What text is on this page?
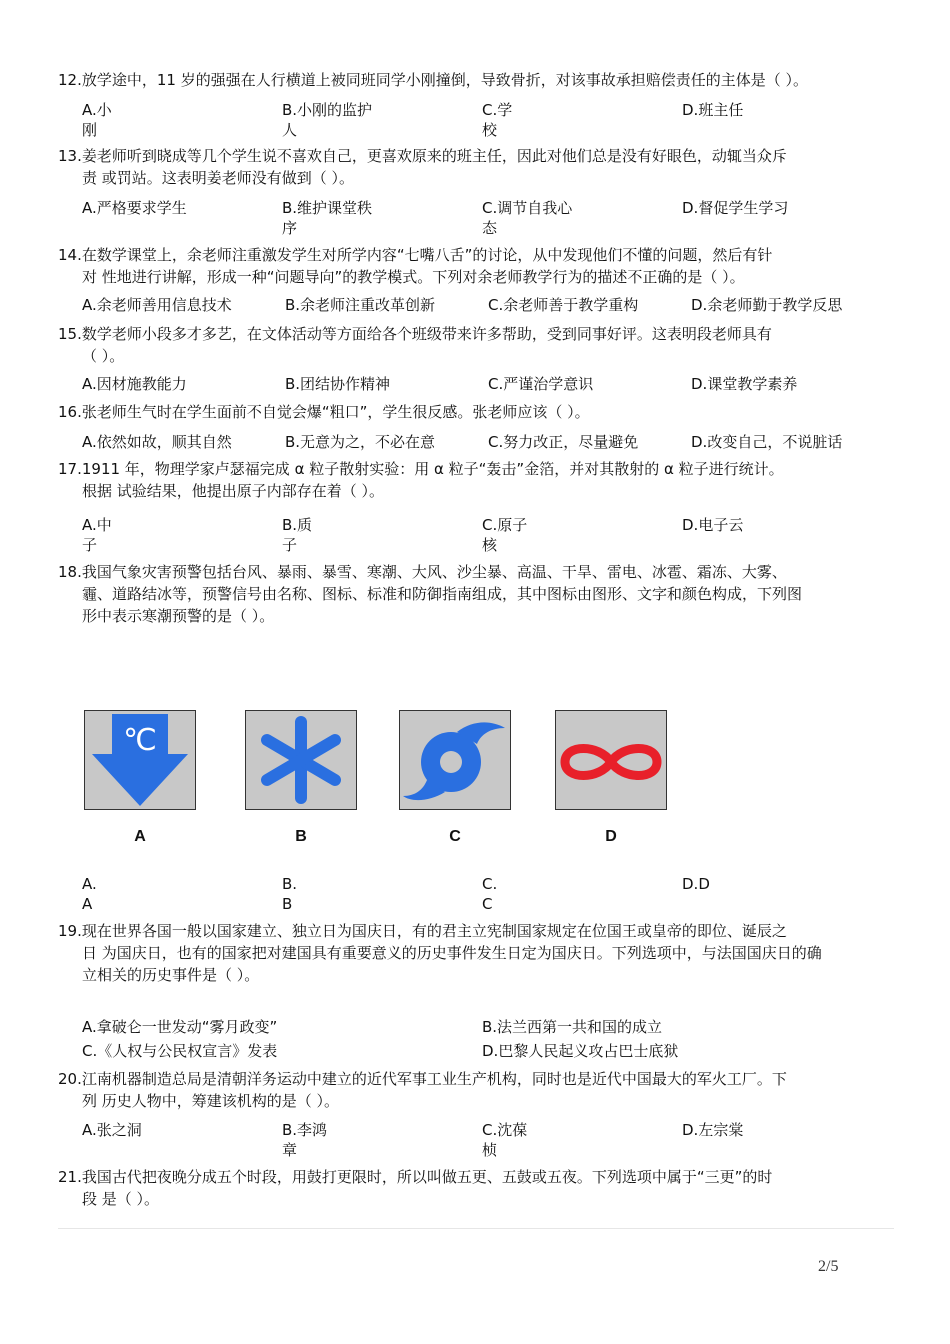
12.放学途中，11 岁的强强在人行横道上被同班同学小刚撞倒，导致骨折，对该事故承担赔偿责任的主体是（ ）。
A.小刚
B.小刚的监护人
C.学校
D.班主任
13.姜老师听到晓成等几个学生说不喜欢自己，更喜欢原来的班主任，因此对他们总是没有好眼色，动辄当众斥
责 或罚站。这表明姜老师没有做到（ ）。
A.严格要求学生	B.维护课堂秩序
C.调节自我心态
D.督促学生学习
14.在数学课堂上，余老师注重激发学生对所学内容“七嘴八舌”的讨论，从中发现他们不懂的问题，然后有针
对 性地进行讲解，形成一种“问题导向”的教学模式。下列对余老师教学行为的描述不正确的是（ ）。
A.余老师善用信息技术	B.余老师注重改革创新	C.余老师善于教学重构	D.余老师勤于教学反思
15.数学老师小段多才多艺，在文体活动等方面给各个班级带来许多帮助，受到同事好评。这表明段老师具有
（ ）。
A.因材施教能力	B.团结协作精神	C.严谨治学意识	D.课堂教学素养
16.张老师生气时在学生面前不自觉会爆“粗口”，学生很反感。张老师应该（ ）。
A.依然如故，顺其自然	B.无意为之，不必在意	C.努力改正，尽量避免	D.改变自己，不说脏话
17.1911 年，物理学家卢瑟福完成 α 粒子散射实验：用 α 粒子“轰击”金箔，并对其散射的 α 粒子进行统计。
根据 试验结果，他提出原子内部存在着（ ）。
A.中子
B.质子
C.原子核
D.电子云
18.我国气象灾害预警包括台风、暴雨、暴雪、寒潮、大风、沙尘暴、高温、干旱、雷电、冰雹、霜冻、大雾、
霾、道路结冰等，预警信号由名称、图标、标准和防御指南组成，其中图标由图形、文字和颜色构成，下列图
形中表示寒潮预警的是（ ）。
℃
A	B	C	D
A.A
B.B
C.C
D.D
19.现在世界各国一般以国家建立、独立日为国庆日，有的君主立宪制国家规定在位国王或皇帝的即位、诞辰之
日 为国庆日，也有的国家把对建国具有重要意义的历史事件发生日定为国庆日。下列选项中，与法国国庆日的确
立相关的历史事件是（ ）。
A.拿破仑一世发动“雾月政变”	B.法兰西第一共和国的成立
C.《人权与公民权宣言》发表	D.巴黎人民起义攻占巴士底狱
20.江南机器制造总局是清朝洋务运动中建立的近代军事工业生产机构，同时也是近代中国最大的军火工厂。下
列 历史人物中，筹建该机构的是（ ）。
A.张之洞	B.李鸿章
C.沈葆桢
D.左宗棠
21.我国古代把夜晚分成五个时段，用鼓打更限时，所以叫做五更、五鼓或五夜。下列选项中属于“三更”的时
段 是（ ）。
2/5
